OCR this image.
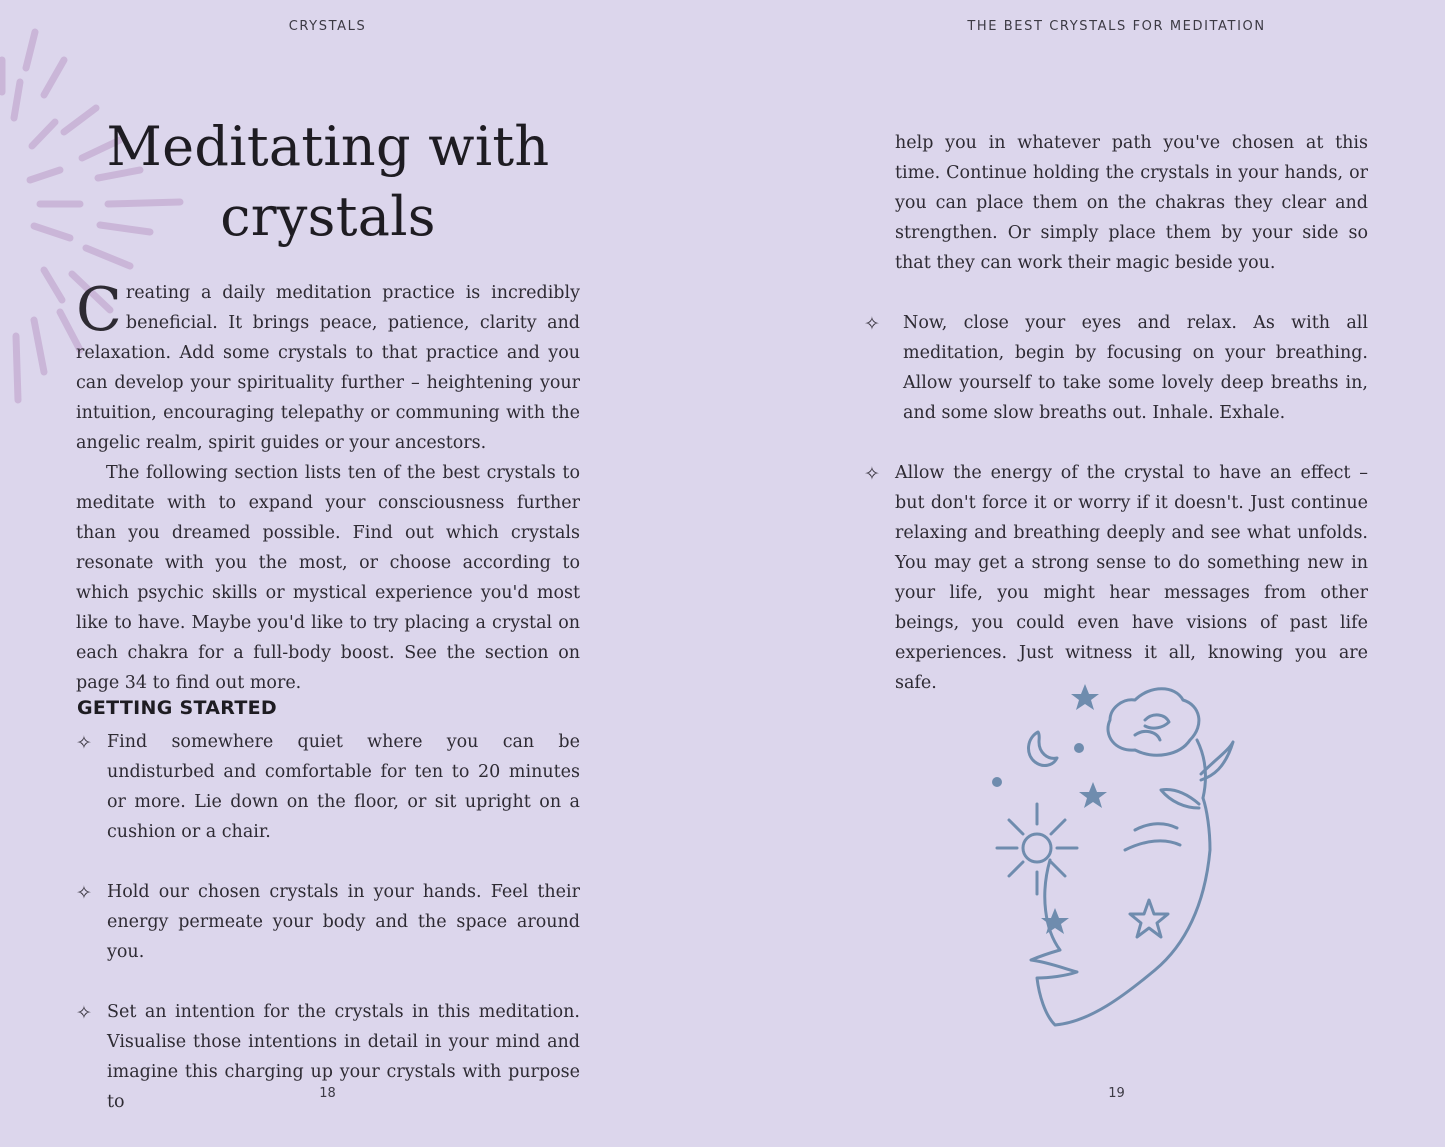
CRYSTALS

Meditating with
crystals

Creating a daily meditation practice is incredibly beneficial. It brings peace, patience, clarity and relaxation. Add some crystals to that practice and you can develop your spirituality further – heightening your intuition, encouraging telepathy or communing with the angelic realm, spirit guides or your ancestors.

The following section lists ten of the best crystals to meditate with to expand your consciousness further than you dreamed possible. Find out which crystals resonate with you the most, or choose according to which psychic skills or mystical experience you'd most like to have. Maybe you'd like to try placing a crystal on each chakra for a full-body boost. See the section on page 34 to find out more.

GETTING STARTED
✧ Find somewhere quiet where you can be undisturbed and comfortable for ten to 20 minutes or more. Lie down on the floor, or sit upright on a cushion or a chair.

✧ Hold our chosen crystals in your hands. Feel their energy permeate your body and the space around you.

✧ Set an intention for the crystals in this meditation. Visualise those intentions in detail in your mind and imagine this charging up your crystals with purpose to	18

THE BEST CRYSTALS FOR MEDITATION

19

help you in whatever path you've chosen at this time. Continue holding the crystals in your hands, or you can place them on the chakras they clear and strengthen. Or simply place them by your side so that they can work their magic beside you.

✧	Now, close your eyes and relax. As with all meditation, begin by focusing on your breathing. Allow yourself to take some lovely deep breaths in, and some slow breaths out. Inhale. Exhale.

✧ Allow the energy of the crystal to have an effect – but don't force it or worry if it doesn't. Just continue relaxing and breathing deeply and see what unfolds. You may get a strong sense to do something new in your life, you might hear messages from other beings, you could even have visions of past life experiences. Just witness it all, knowing you are safe.
